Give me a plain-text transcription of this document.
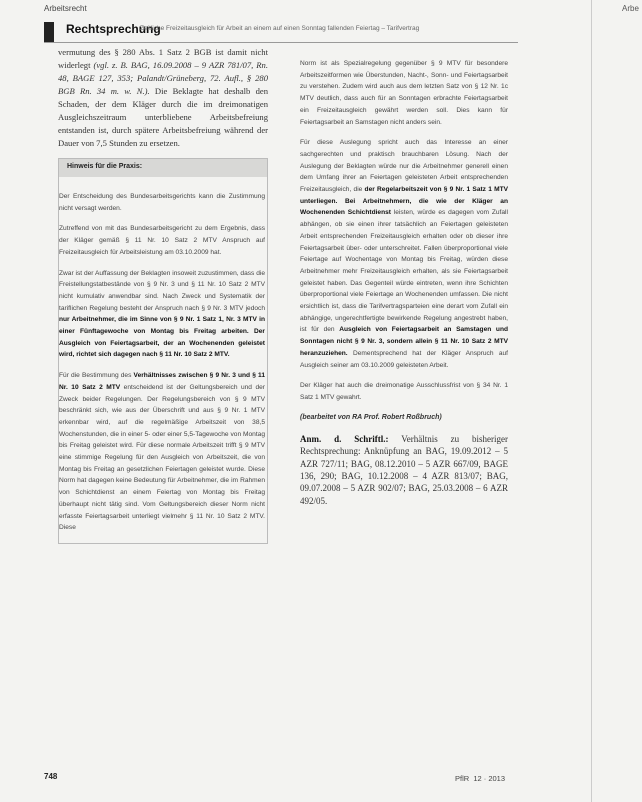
Arbeitsrecht	Arbe
Rechtsprechung
Zeitliche Freizeitausgleich für Arbeit an einem auf einen Sonntag fallenden Feiertag – Tarifvertrag

vermutung des § 280 Abs. 1 Satz 2 BGB ist damit nicht widerlegt (vgl. z. B. BAG, 16.09.2008 – 9 AZR 781/07, Rn. 48, BAGE 127, 353; Palandt/Grüneberg, 72. Aufl., § 280 BGB Rn. 34 m. w. N.). Die Beklagte hat deshalb den Schaden, der dem Kläger durch die im dreimonatigen Ausgleichszeitraum unterbliebene Arbeitsbefreiung entstanden ist, durch spätere Arbeitsbefreiung während der Dauer von 7,5 Stunden zu ersetzen.

Hinweis für die Praxis:

Der Entscheidung des Bundesarbeitsgerichts kann die Zustimmung nicht versagt werden.

Zutreffend von mit das Bundesarbeitsgericht zu dem Ergebnis, dass der Kläger gemäß § 11 Nr. 10 Satz 2 MTV Anspruch auf Freizeitausgleich für Arbeitsleistung am 03.10.2009 hat.

Zwar ist der Auffassung der Beklagten insoweit zuzustimmen, dass die Freistellungstatbestände von § 9 Nr. 3 und § 11 Nr. 10 Satz 2 MTV nicht kumulativ anwendbar sind. Nach Zweck und Systematik der tariflichen Regelung besteht der Anspruch nach § 9 Nr. 3 MTV jedoch nur Arbeitnehmer, die im Sinne von § 9 Nr. 1 Satz 1, Nr. 3 MTV in einer Fünftagewoche von Montag bis Freitag arbeiten. Der Ausgleich von Feiertagsarbeit, der an Wochenenden geleistet wird, richtet sich dagegen nach § 11 Nr. 10 Satz 2 MTV.

Für die Bestimmung des Verhältnisses zwischen § 9 Nr. 3 und § 11 Nr. 10 Satz 2 MTV entscheidend ist der Geltungsbereich und der Zweck beider Regelungen. Der Regelungsbereich von § 9 MTV beschränkt sich, wie aus der Überschrift und aus § 9 Nr. 1 MTV erkennbar wird, auf die regelmäßige Arbeitszeit von 38,5 Wochenstunden, die in einer 5- oder einer 5,5-Tagewoche von Montag bis Freitag geleistet wird. Für diese normale Arbeitszeit trifft § 9 MTV eine stimmige Regelung für den Ausgleich von Arbeitszeit, die von Montag bis Freitag an gesetzlichen Feiertagen geleistet wurde. Diese Norm hat dagegen keine Bedeutung für Arbeitnehmer, die im Rahmen von Schichtdienst an einem Feiertag von Montag bis Freitag überhaupt nicht tätig sind. Vom Geltungsbereich dieser Norm nicht erfasste Feiertagsarbeit unterliegt vielmehr § 11 Nr. 10 Satz 2 MTV. Diese

Norm ist als Spezialregelung gegenüber § 9 MTV für besondere Arbeitszeitformen wie Überstunden, Nacht-, Sonn- und Feiertagsarbeit zu verstehen. Zudem wird auch aus dem letzten Satz von § 12 Nr. 1c MTV deutlich, dass auch für an Sonntagen erbrachte Feiertagsarbeit ein Freizeitausgleich gewährt werden soll. Dies kann für Feiertagsarbeit an Samstagen nicht anders sein.

Für diese Auslegung spricht auch das Interesse an einer sachgerechten und praktisch brauchbaren Lösung. Nach der Auslegung der Beklagten würde nur die Arbeitnehmer generell einen dem Umfang ihrer an Feiertagen geleisteten Arbeit entsprechenden Freizeitausgleich, die der Regelarbeitszeit von § 9 Nr. 1 Satz 1 MTV unterliegen. Bei Arbeitnehmern, die wie der Kläger an Wochenenden Schichtdienst leisten, würde es dagegen vom Zufall abhängen, ob sie einen ihrer tatsächlich an Feiertagen geleisteten Arbeit entsprechenden Freizeitausgleich erhalten oder ob dieser ihre Feiertagsarbeit über- oder unterschreitet. Fallen überproportional viele Feiertage auf Wochentage von Montag bis Freitag, würden diese Arbeitnehmer mehr Freizeitausgleich erhalten, als sie Feiertagsarbeit geleistet haben. Das Gegenteil würde eintreten, wenn ihre Schichten überproportional viele Feiertage an Wochenenden umfassen. Die nicht ersichtlich ist, dass die Tarifvertragsparteien eine derart vom Zufall ein abhängige, ungerechtfertigte bewirkende Regelung angestrebt haben, ist für den Ausgleich von Feiertagsarbeit an Samstagen und Sonntagen nicht § 9 Nr. 3, sondern allein § 11 Nr. 10 Satz 2 MTV heranzuziehen. Dementsprechend hat der Kläger Anspruch auf Ausgleich seiner am 03.10.2009 geleisteten Arbeit.

Der Kläger hat auch die dreimonatige Ausschlussfrist von § 34 Nr. 1 Satz 1 MTV gewahrt.

(bearbeitet von RA Prof. Robert Roßbruch)

Anm. d. Schriftl.: Verhältnis zu bisheriger Rechtsprechung: Anknüpfung an BAG, 19.09.2012 – 5 AZR 727/11; BAG, 08.12.2010 – 5 AZR 667/09, BAGE 136, 290; BAG, 10.12.2008 – 4 AZR 813/07; BAG, 09.07.2008 – 5 AZR 902/07; BAG, 25.03.2008 – 6 AZR 492/05.

748	PflR  12 · 2013
